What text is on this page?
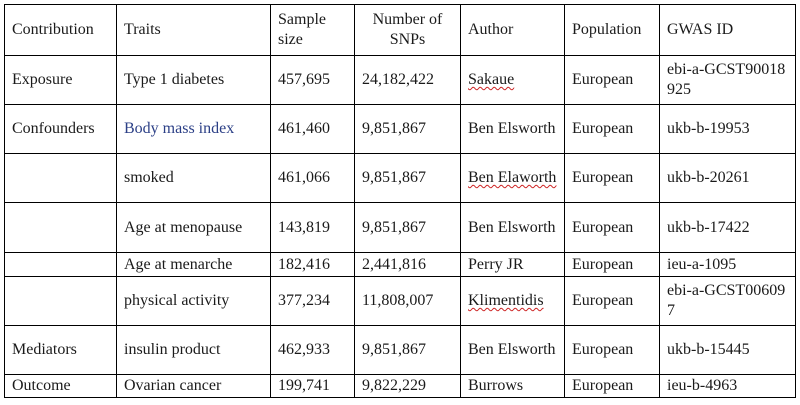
Contribution	Traits	Sample size	Number of SNPs	Author	Population	GWAS ID
Exposure	Type 1 diabetes	457,695	24,182,422	Sakaue	European	ebi-a-GCST90018925
Confounders	Body mass index	461,460	9,851,867	Ben Elsworth	European	ukb-b-19953
	smoked	461,066	9,851,867	Ben Elaworth	European	ukb-b-20261
	Age at menopause	143,819	9,851,867	Ben Elsworth	European	ukb-b-17422
	Age at menarche	182,416	2,441,816	Perry JR	European	ieu-a-1095
	physical activity	377,234	11,808,007	Klimentidis	European	ebi-a-GCST006097
Mediators	insulin product	462,933	9,851,867	Ben Elsworth	European	ukb-b-15445
Outcome	Ovarian cancer	199,741	9,822,229	Burrows	European	ieu-b-4963
